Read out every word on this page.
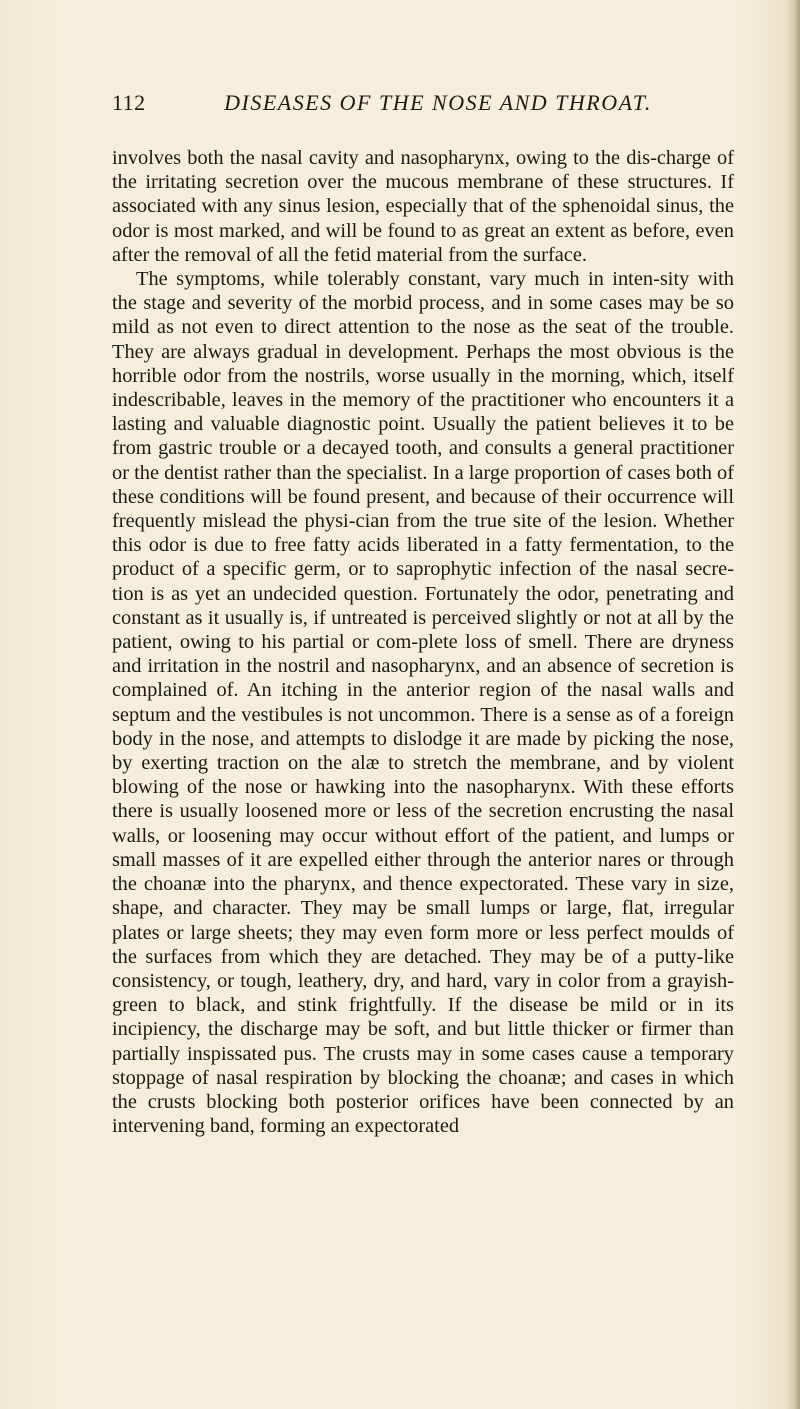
112	DISEASES OF THE NOSE AND THROAT.

involves both the nasal cavity and nasopharynx, owing to the dis-charge of the irritating secretion over the mucous membrane of these structures. If associated with any sinus lesion, especially that of the sphenoidal sinus, the odor is most marked, and will be found to as great an extent as before, even after the removal of all the fetid material from the surface.

The symptoms, while tolerably constant, vary much in inten-sity with the stage and severity of the morbid process, and in some cases may be so mild as not even to direct attention to the nose as the seat of the trouble. They are always gradual in development. Perhaps the most obvious is the horrible odor from the nostrils, worse usually in the morning, which, itself indescribable, leaves in the memory of the practitioner who encounters it a lasting and valuable diagnostic point. Usually the patient believes it to be from gastric trouble or a decayed tooth, and consults a general practitioner or the dentist rather than the specialist. In a large proportion of cases both of these conditions will be found present, and because of their occurrence will frequently mislead the physi-cian from the true site of the lesion. Whether this odor is due to free fatty acids liberated in a fatty fermentation, to the product of a specific germ, or to saprophytic infection of the nasal secre-tion is as yet an undecided question. Fortunately the odor, penetrating and constant as it usually is, if untreated is perceived slightly or not at all by the patient, owing to his partial or com-plete loss of smell. There are dryness and irritation in the nostril and nasopharynx, and an absence of secretion is complained of. An itching in the anterior region of the nasal walls and septum and the vestibules is not uncommon. There is a sense as of a foreign body in the nose, and attempts to dislodge it are made by picking the nose, by exerting traction on the alæ to stretch the membrane, and by violent blowing of the nose or hawking into the nasopharynx. With these efforts there is usually loosened more or less of the secretion encrusting the nasal walls, or loosening may occur without effort of the patient, and lumps or small masses of it are expelled either through the anterior nares or through the choanæ into the pharynx, and thence expectorated. These vary in size, shape, and character. They may be small lumps or large, flat, irregular plates or large sheets; they may even form more or less perfect moulds of the surfaces from which they are detached. They may be of a putty-like consistency, or tough, leathery, dry, and hard, vary in color from a grayish-green to black, and stink frightfully. If the disease be mild or in its incipiency, the discharge may be soft, and but little thicker or firmer than partially inspissated pus. The crusts may in some cases cause a temporary stoppage of nasal respiration by blocking the choanæ; and cases in which the crusts blocking both posterior orifices have been connected by an intervening band, forming an expectorated
